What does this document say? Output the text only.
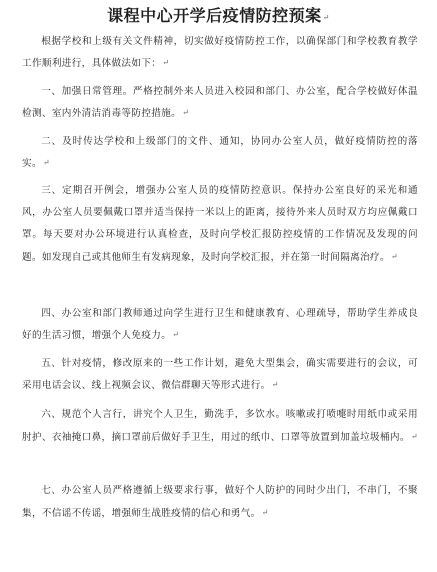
课程中心开学后疫情防控预案↵
根据学校和上级有关文件精神，切实做好疫情防控工作，以确保部门和学校教育教学工作顺利进行，具体做法如下：↵
一、加强日常管理。严格控制外来人员进入校园和部门、办公室，配合学校做好体温检测、室内外清洁消毒等防控措施。↵
二、及时传达学校和上级部门的文件、通知，协同办公室人员，做好疫情防控的落实。↵
三、定期召开例会，增强办公室人员的疫情防控意识。保持办公室良好的采光和通风，办公室人员要佩戴口罩并适当保持一米以上的距离，接待外来人员时双方均应佩戴口罩。每天要对办公环境进行认真检查，及时向学校汇报防控疫情的工作情况及发现的问题。如发现自己或其他师生有发病现象，及时向学校汇报，并在第一时间隔离治疗。↵
四、办公室和部门教师通过向学生进行卫生和健康教育、心理疏导，帮助学生养成良好的生活习惯，增强个人免疫力。↵
五、针对疫情，修改原来的一些工作计划，避免大型集会，确实需要进行的会议，可采用电话会议、线上视频会议、微信群聊天等形式进行。↵
六、规范个人言行，讲究个人卫生，勤洗手，多饮水。咳嗽或打喷嚏时用纸巾或采用肘护、衣袖掩口鼻，摘口罩前后做好手卫生，用过的纸巾、口罩等放置到加盖垃圾桶内。↵
七、办公室人员严格遵循上级要求行事，做好个人防护的同时少出门，不串门，不聚集，不信谣不传谣，增强师生战胜疫情的信心和勇气。↵
